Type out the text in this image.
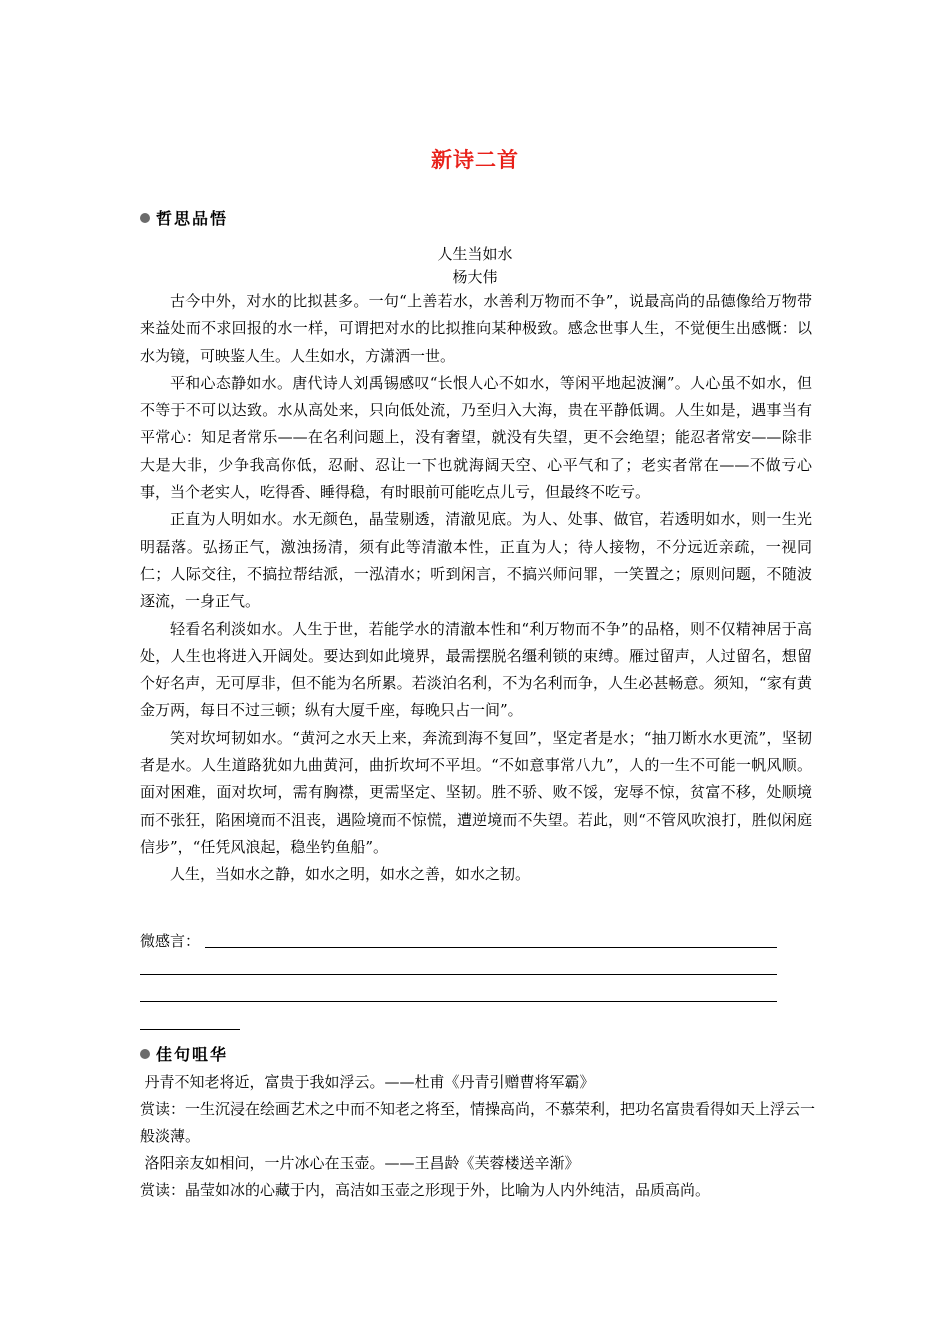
新诗二首
哲思品悟
人生当如水
杨大伟

古今中外，对水的比拟甚多。一句“上善若水，水善利万物而不争”，说最高尚的品德像给万物带来益处而不求回报的水一样，可谓把对水的比拟推向某种极致。感念世事人生，不觉便生出感慨：以水为镜，可映鉴人生。人生如水，方潇洒一世。

平和心态静如水。唐代诗人刘禹锡感叹“长恨人心不如水，等闲平地起波澜”。人心虽不如水，但不等于不可以达致。水从高处来，只向低处流，乃至归入大海，贵在平静低调。人生如是，遇事当有平常心：知足者常乐——在名利问题上，没有奢望，就没有失望，更不会绝望；能忍者常安——除非大是大非，少争我高你低，忍耐、忍让一下也就海阔天空、心平气和了；老实者常在——不做亏心事，当个老实人，吃得香、睡得稳，有时眼前可能吃点儿亏，但最终不吃亏。

正直为人明如水。水无颜色，晶莹剔透，清澈见底。为人、处事、做官，若透明如水，则一生光明磊落。弘扬正气，激浊扬清，须有此等清澈本性，正直为人；待人接物，不分远近亲疏，一视同仁；人际交往，不搞拉帮结派，一泓清水；听到闲言，不搞兴师问罪，一笑置之；原则问题，不随波逐流，一身正气。

轻看名利淡如水。人生于世，若能学水的清澈本性和“利万物而不争”的品格，则不仅精神居于高处，人生也将进入开阔处。要达到如此境界，最需摆脱名缰利锁的束缚。雁过留声，人过留名，想留个好名声，无可厚非，但不能为名所累。若淡泊名利，不为名利而争，人生必甚畅意。须知，“家有黄金万两，每日不过三顿；纵有大厦千座，每晚只占一间”。

笑对坎坷韧如水。“黄河之水天上来，奔流到海不复回”，坚定者是水；“抽刀断水水更流”，坚韧者是水。人生道路犹如九曲黄河，曲折坎坷不平坦。“不如意事常八九”，人的一生不可能一帆风顺。面对困难，面对坎坷，需有胸襟，更需坚定、坚韧。胜不骄、败不馁，宠辱不惊，贫富不移，处顺境而不张狂，陷困境而不沮丧，遇险境而不惊慌，遭逆境而不失望。若此，则“不管风吹浪打，胜似闲庭信步”，“任凭风浪起，稳坐钓鱼船”。

人生，当如水之静，如水之明，如水之善，如水之韧。

微感言：
佳句咀华

丹青不知老将近，富贵于我如浮云。——杜甫《丹青引赠曹将军霸》

赏读：一生沉浸在绘画艺术之中而不知老之将至，情操高尚，不慕荣利，把功名富贵看得如天上浮云一般淡薄。

洛阳亲友如相问，一片冰心在玉壶。——王昌龄《芙蓉楼送辛渐》

赏读：晶莹如冰的心藏于内，高洁如玉壶之形现于外，比喻为人内外纯洁，品质高尚。
